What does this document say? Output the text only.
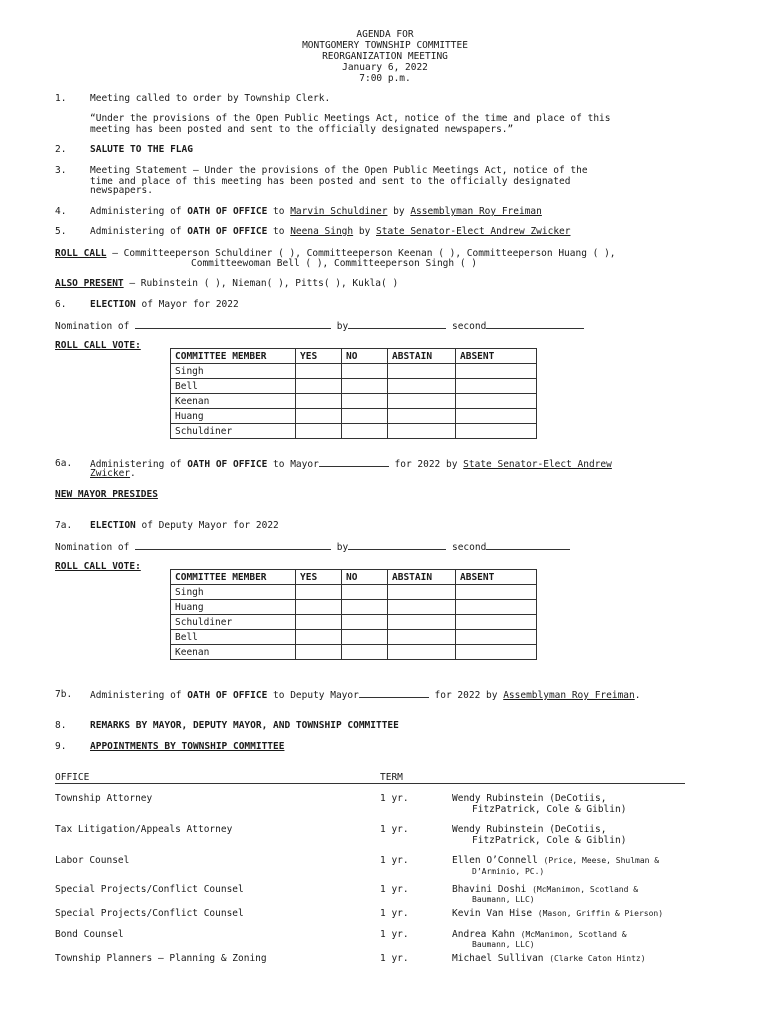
AGENDA FOR
MONTGOMERY TOWNSHIP COMMITTEE
REORGANIZATION MEETING
January 6, 2022
7:00 p.m.
1. Meeting called to order by Township Clerk.
“Under the provisions of the Open Public Meetings Act, notice of the time and place of this
meeting has been posted and sent to the officially designated newspapers.”
2. SALUTE TO THE FLAG
3. Meeting Statement – Under the provisions of the Open Public Meetings Act, notice of the
time and place of this meeting has been posted and sent to the officially designated
newspapers.
4. Administering of OATH OF OFFICE to Marvin Schuldiner by Assemblyman Roy Freiman
5. Administering of OATH OF OFFICE to Neena Singh by State Senator-Elect Andrew Zwicker
ROLL CALL – Committeeperson Schuldiner ( ), Committeeperson Keenan ( ), Committeeperson Huang ( ),
Committeewoman Bell ( ), Committeeperson Singh ( )
ALSO PRESENT – Rubinstein ( ), Nieman( ), Pitts( ), Kukla( )
6. ELECTION of Mayor for 2022
Nomination of	by	second
ROLL CALL VOTE:
COMMITTEE MEMBER	YES	NO	ABSTAIN	ABSENT
Singh				
Bell				
Keenan				
Huang				
Schuldiner				
6a. Administering of OATH OF OFFICE to Mayor	for 2022 by State Senator-Elect Andrew
Zwicker.
NEW MAYOR PRESIDES
7a. ELECTION of Deputy Mayor for 2022
Nomination of	by	second
ROLL CALL VOTE:
COMMITTEE MEMBER	YES	NO	ABSTAIN	ABSENT
Singh				
Huang				
Schuldiner				
Bell				
Keenan				
7b. Administering of OATH OF OFFICE to Deputy Mayor	for 2022 by Assemblyman Roy Freiman.
8. REMARKS BY MAYOR, DEPUTY MAYOR, AND TOWNSHIP COMMITTEE
9. APPOINTMENTS BY TOWNSHIP COMMITTEE
OFFICE	TERM
Township Attorney	1 yr.	Wendy Rubinstein (DeCotiis,
FitzPatrick, Cole & Giblin)
Tax Litigation/Appeals Attorney	1 yr.	Wendy Rubinstein (DeCotiis,
FitzPatrick, Cole & Giblin)
Labor Counsel	1 yr.	Ellen O’Connell (Price, Meese, Shulman &
D’Arminio, PC.)
Special Projects/Conflict Counsel	1 yr.	Bhavini Doshi (McManimon, Scotland &
Baumann, LLC)
Special Projects/Conflict Counsel	1 yr.	Kevin Van Hise (Mason, Griffin & Pierson)
Bond Counsel	1 yr.	Andrea Kahn (McManimon, Scotland &
Baumann, LLC)
Township Planners – Planning & Zoning	1 yr.	Michael Sullivan (Clarke Caton Hintz)
